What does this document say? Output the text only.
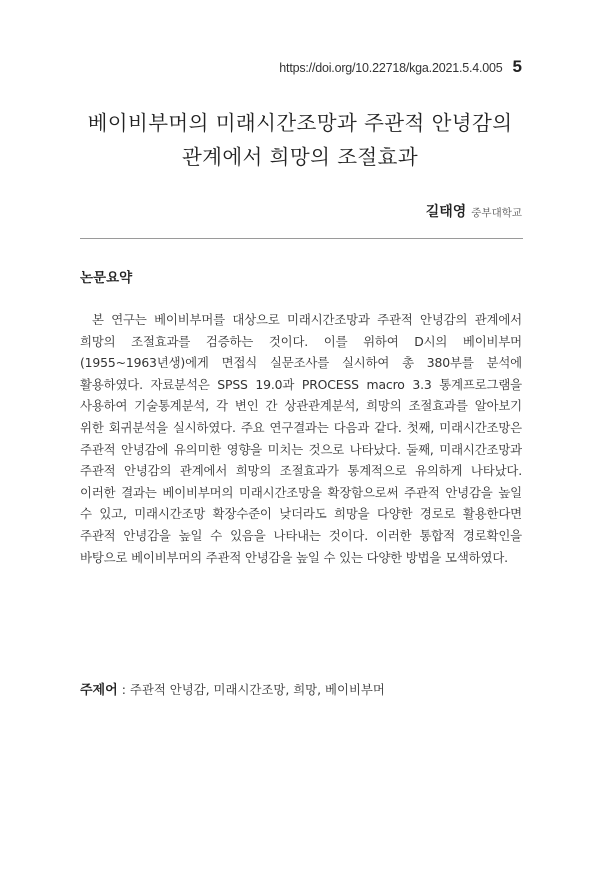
https://doi.org/10.22718/kga.2021.5.4.005 5
베이비부머의 미래시간조망과 주관적 안녕감의
관계에서 희망의 조절효과
길태영 중부대학교
논문요약

본 연구는 베이비부머를 대상으로 미래시간조망과 주관적 안녕감의 관계에서 희망의 조절효과를 검증하는 것이다. 이를 위하여 D시의 베이비부머(1955~1963년생)에게 면접식 실문조사를 실시하여 총 380부를 분석에 활용하였다. 자료분석은 SPSS 19.0과 PROCESS macro 3.3 통계프로그램을 사용하여 기술통계분석, 각 변인 간 상관관계분석, 희망의 조절효과를 알아보기 위한 회귀분석을 실시하였다. 주요 연구결과는 다음과 같다. 첫째, 미래시간조망은 주관적 안녕감에 유의미한 영향을 미치는 것으로 나타났다. 둘째, 미래시간조망과 주관적 안녕감의 관계에서 희망의 조절효과가 통계적으로 유의하게 나타났다. 이러한 결과는 베이비부머의 미래시간조망을 확장함으로써 주관적 안녕감을 높일 수 있고, 미래시간조망 확장수준이 낮더라도 희망을 다양한 경로로 활용한다면 주관적 안녕감을 높일 수 있음을 나타내는 것이다. 이러한 통합적 경로확인을 바탕으로 베이비부머의 주관적 안녕감을 높일 수 있는 다양한 방법을 모색하였다.

주제어 : 주관적 안녕감, 미래시간조망, 희망, 베이비부머
